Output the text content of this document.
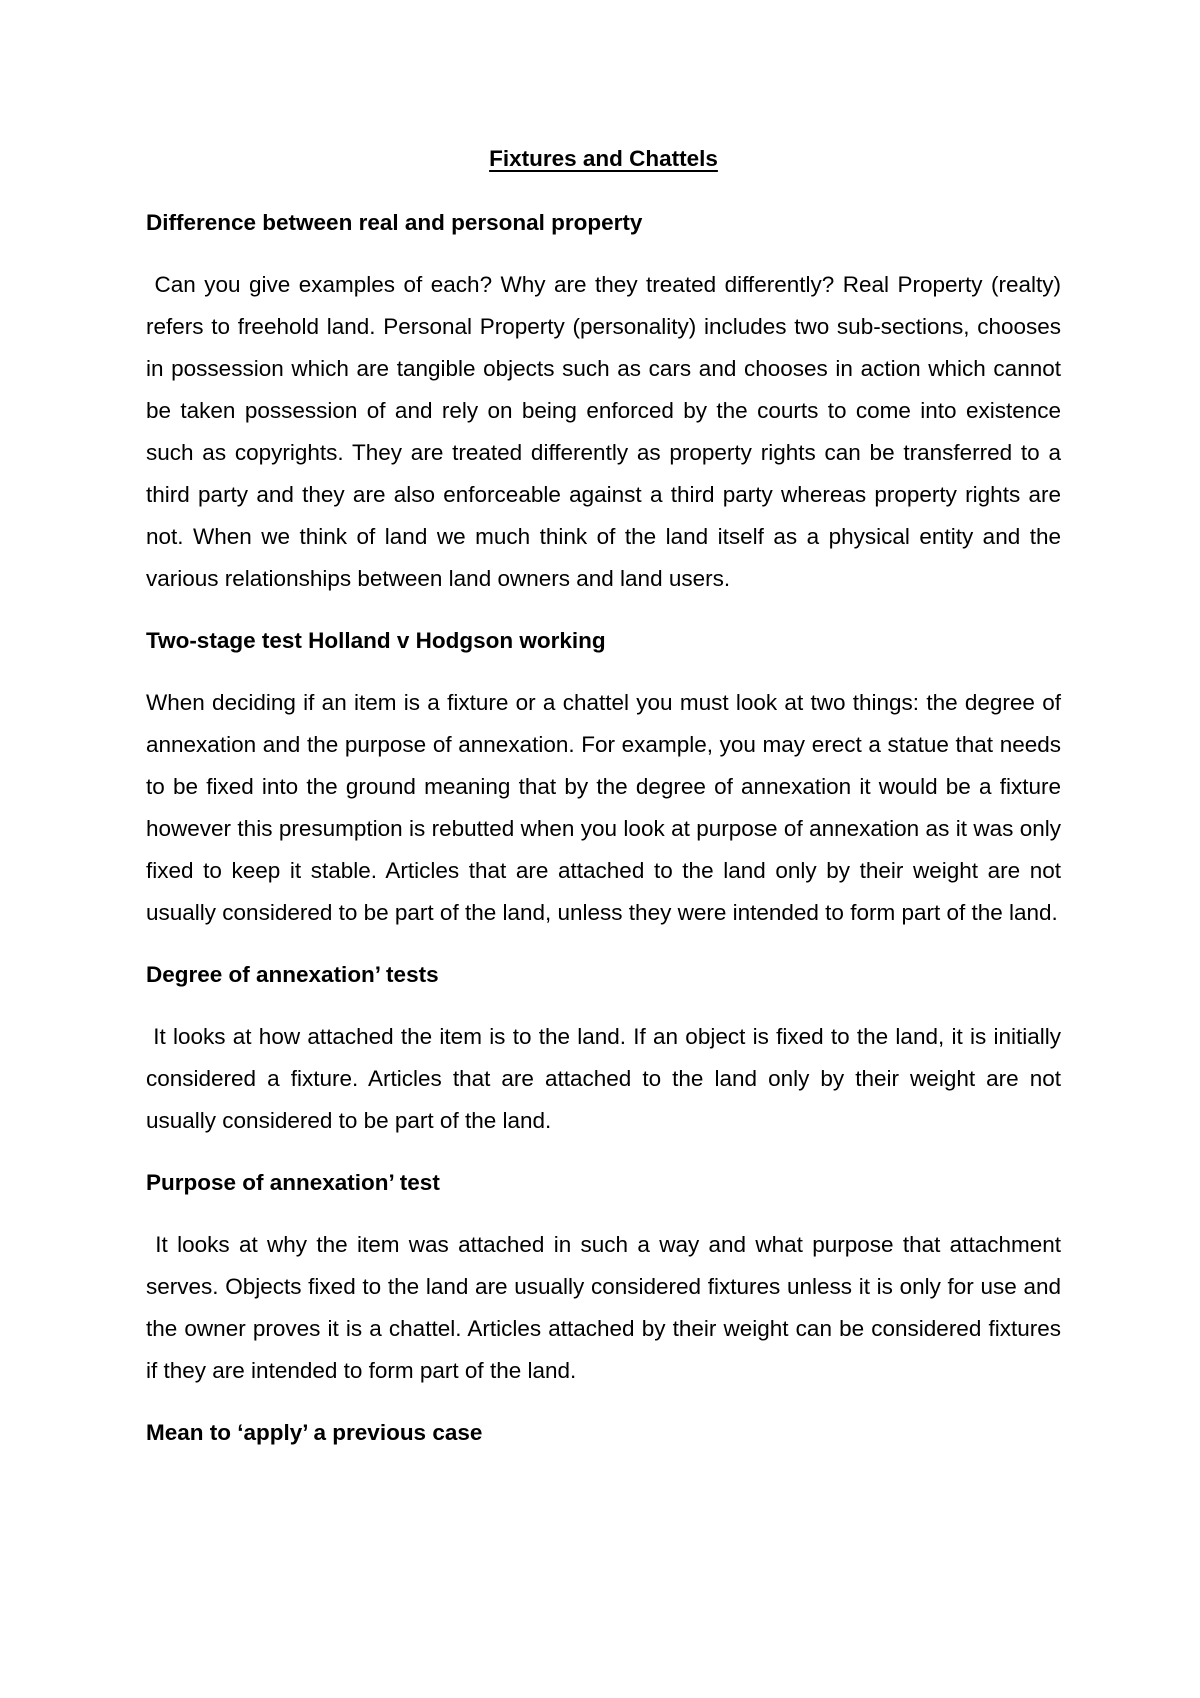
Fixtures and Chattels
Difference between real and personal property

Can you give examples of each? Why are they treated differently? Real Property (realty) refers to freehold land. Personal Property (personality) includes two sub-sections, chooses in possession which are tangible objects such as cars and chooses in action which cannot be taken possession of and rely on being enforced by the courts to come into existence such as copyrights. They are treated differently as property rights can be transferred to a third party and they are also enforceable against a third party whereas property rights are not. When we think of land we much think of the land itself as a physical entity and the various relationships between land owners and land users.

Two-stage test Holland v Hodgson working

When deciding if an item is a fixture or a chattel you must look at two things: the degree of annexation and the purpose of annexation. For example, you may erect a statue that needs to be fixed into the ground meaning that by the degree of annexation it would be a fixture however this presumption is rebutted when you look at purpose of annexation as it was only fixed to keep it stable. Articles that are attached to the land only by their weight are not usually considered to be part of the land, unless they were intended to form part of the land.

Degree of annexation’ tests

It looks at how attached the item is to the land. If an object is fixed to the land, it is initially considered a fixture. Articles that are attached to the land only by their weight are not usually considered to be part of the land.

Purpose of annexation’ test

It looks at why the item was attached in such a way and what purpose that attachment serves. Objects fixed to the land are usually considered fixtures unless it is only for use and the owner proves it is a chattel. Articles attached by their weight can be considered fixtures if they are intended to form part of the land.

Mean to ‘apply’ a previous case
